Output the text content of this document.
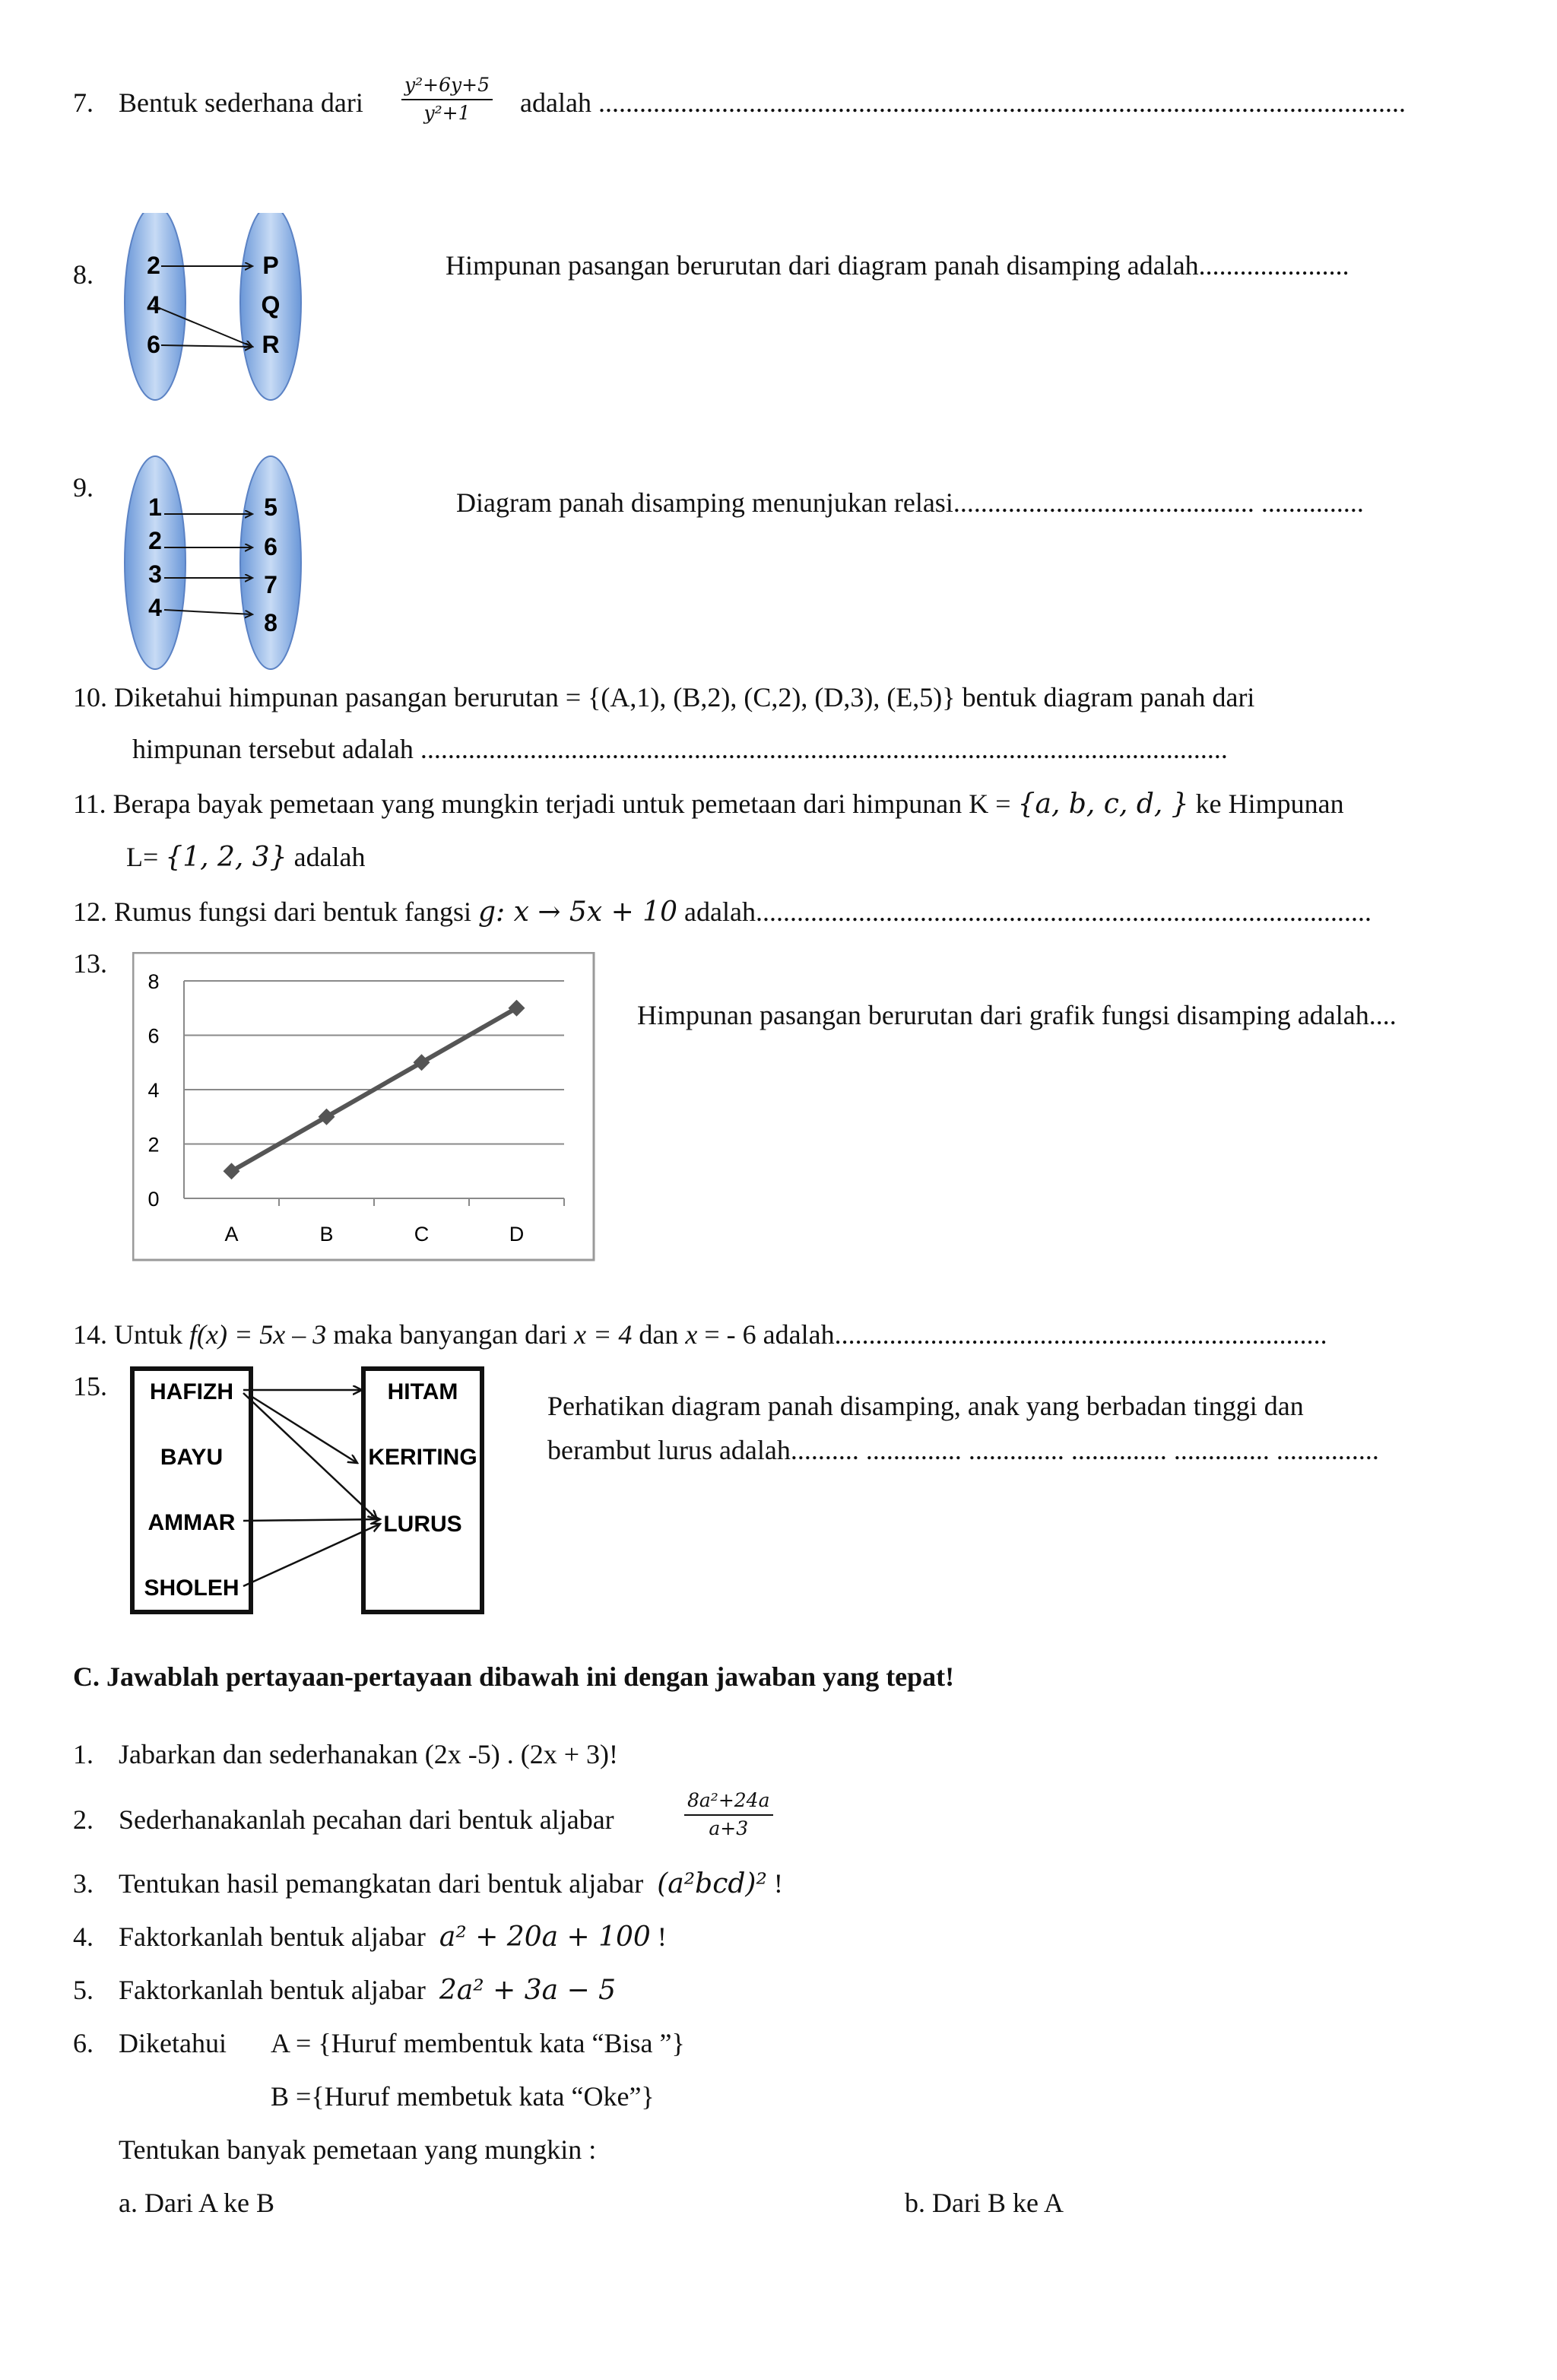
7. Bentuk sederhana dari $\frac{\text{y²+6y+5}}{\text{y²+1}}$ adalah ......................................................................................................................
8. 2
4
6
P
Q
R
Himpunan pasangan berurutan dari diagram panah disamping adalah......................
9.
1
2
3
4
5
6
7
8
Diagram panah disamping menunjukan relasi............................................ ...............
10. Diketahui himpunan pasangan berurutan = {(A,1), (B,2), (C,2), (D,3), (E,5)} bentuk diagram panah dari
himpunan tersebut adalah ......................................................................................................................
11. Berapa bayak pemetaan yang mungkin terjadi untuk pemetaan dari himpunan K = {a, b, c, d, } ke Himpunan
L= {1, 2, 3} adalah
12. Rumus fungsi dari bentuk fangsi g: x → 5x + 10 adalah..........................................................................................
13.
0
2
4
6
8
A	B	C	D
Himpunan pasangan berurutan dari grafik fungsi disamping adalah....
14. Untuk f(x) = 5x – 3 maka banyangan dari x = 4 dan x = - 6 adalah........................................................................
15. HAFIZH
BAYU
AMMAR
SHOLEH
HITAM
KERITING
LURUS
Perhatikan diagram panah disamping, anak yang berbadan tinggi dan
berambut lurus adalah.......... .............. .............. .............. .............. ...............
C. Jawablah pertayaan-pertayaan dibawah ini dengan jawaban yang tepat!
1. Jabarkan dan sederhanakan (2x -5) . (2x + 3)!
2. Sederhanakanlah pecahan dari bentuk aljabar	$\frac{\text{8a²+24a}}{a+3}$
3. Tentukan hasil pemangkatan dari bentuk aljabar (a²bcd)² !
4. Faktorkanlah bentuk aljabar a² + 20a + 100 !
5. Faktorkanlah bentuk aljabar 2a² + 3a − 5
6. Diketahui A = {Huruf membentuk kata “Bisa ”}
B ={Huruf membetuk kata “Oke”}
Tentukan banyak pemetaan yang mungkin :
a. Dari A ke B	b. Dari B ke A
